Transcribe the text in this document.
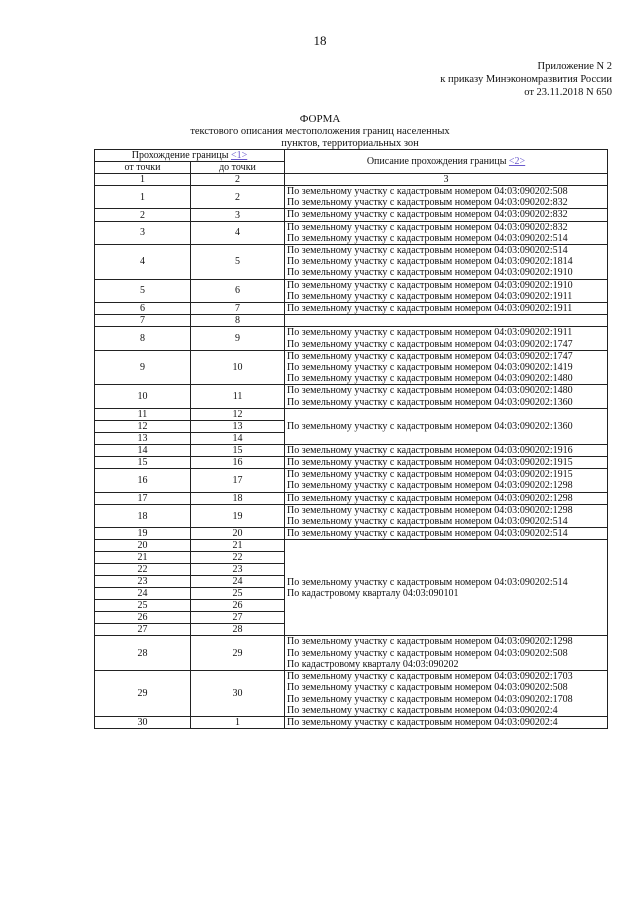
18
Приложение N 2
к приказу Минэкономразвития России
от 23.11.2018 N 650
ФОРМА
текстового описания местоположения границ населенных
пунктов, территориальных зон
Прохождение границы <1>		Описание прохождения границы <2>
от точки	до точки	
1	2	3
1	2	По земельному участку с кадастровым номером 04:03:090202:508
По земельному участку с кадастровым номером 04:03:090202:832

2	3	По земельному участку с кадастровым номером 04:03:090202:832

3	4	По земельному участку с кадастровым номером 04:03:090202:832
По земельному участку с кадастровым номером 04:03:090202:514

4	5	По земельному участку с кадастровым номером 04:03:090202:514
По земельному участку с кадастровым номером 04:03:090202:1814
По земельному участку с кадастровым номером 04:03:090202:1910

5	6	По земельному участку с кадастровым номером 04:03:090202:1910
По земельному участку с кадастровым номером 04:03:090202:1911

6	7	По земельному участку с кадастровым номером 04:03:090202:1911

7	8	
8	9	По земельному участку с кадастровым номером 04:03:090202:1911
По земельному участку с кадастровым номером 04:03:090202:1747

9	10	По земельному участку с кадастровым номером 04:03:090202:1747
По земельному участку с кадастровым номером 04:03:090202:1419
По земельному участку с кадастровым номером 04:03:090202:1480

10	11	По земельному участку с кадастровым номером 04:03:090202:1480
По земельному участку с кадастровым номером 04:03:090202:1360

11	12	По земельному участку с кадастровым номером 04:03:090202:1360

12	13	
13	14	
14	15	По земельному участку с кадастровым номером 04:03:090202:1916

15	16	По земельному участку с кадастровым номером 04:03:090202:1915

16	17	По земельному участку с кадастровым номером 04:03:090202:1915
По земельному участку с кадастровым номером 04:03:090202:1298

17	18	По земельному участку с кадастровым номером 04:03:090202:1298

18	19	По земельному участку с кадастровым номером 04:03:090202:1298
По земельному участку с кадастровым номером 04:03:090202:514

19	20	По земельному участку с кадастровым номером 04:03:090202:514

20	21	По земельному участку с кадастровым номером 04:03:090202:514
По кадастровому кварталу 04:03:090101

21	22	
22	23	
23	24	
24	25	
25	26	
26	27	
27	28	
28	29	По земельному участку с кадастровым номером 04:03:090202:1298
По земельному участку с кадастровым номером 04:03:090202:508
По кадастровому кварталу 04:03:090202

29	30	По земельному участку с кадастровым номером 04:03:090202:1703
По земельному участку с кадастровым номером 04:03:090202:508
По земельному участку с кадастровым номером 04:03:090202:1708
По земельному участку с кадастровым номером 04:03:090202:4

30	1	По земельному участку с кадастровым номером 04:03:090202:4
